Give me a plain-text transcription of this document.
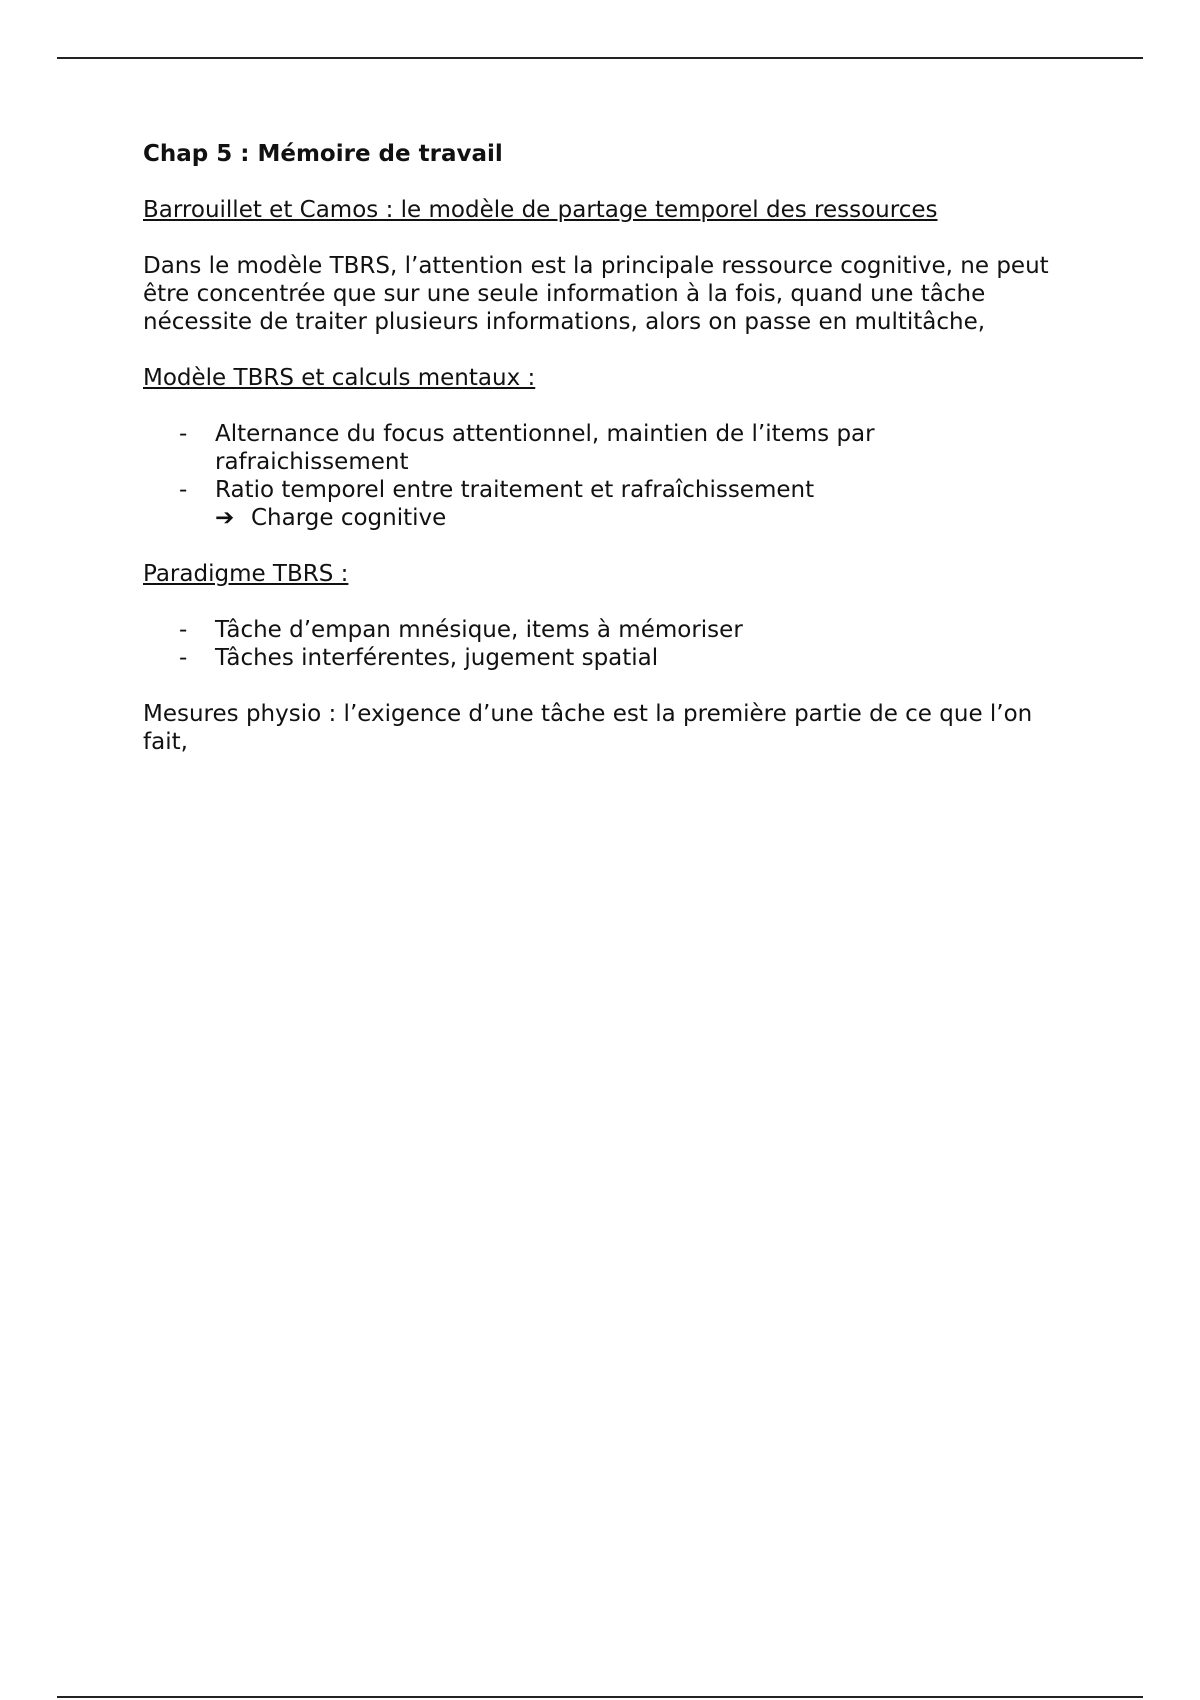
Chap 5 : Mémoire de travail
Barrouillet et Camos : le modèle de partage temporel des ressources
Dans le modèle TBRS, l’attention est la principale ressource cognitive, ne peut être concentrée que sur une seule information à la fois, quand une tâche nécessite de traiter plusieurs informations, alors on passe en multitâche,
Modèle TBRS et calculs mentaux :
- Alternance du focus attentionnel, maintien de l’items par rafraichissement
- Ratio temporel entre traitement et rafraîchissement
➔ Charge cognitive
Paradigme TBRS :
- Tâche d’empan mnésique, items à mémoriser
- Tâches interférentes, jugement spatial
Mesures physio : l’exigence d’une tâche est la première partie de ce que l’on fait,
